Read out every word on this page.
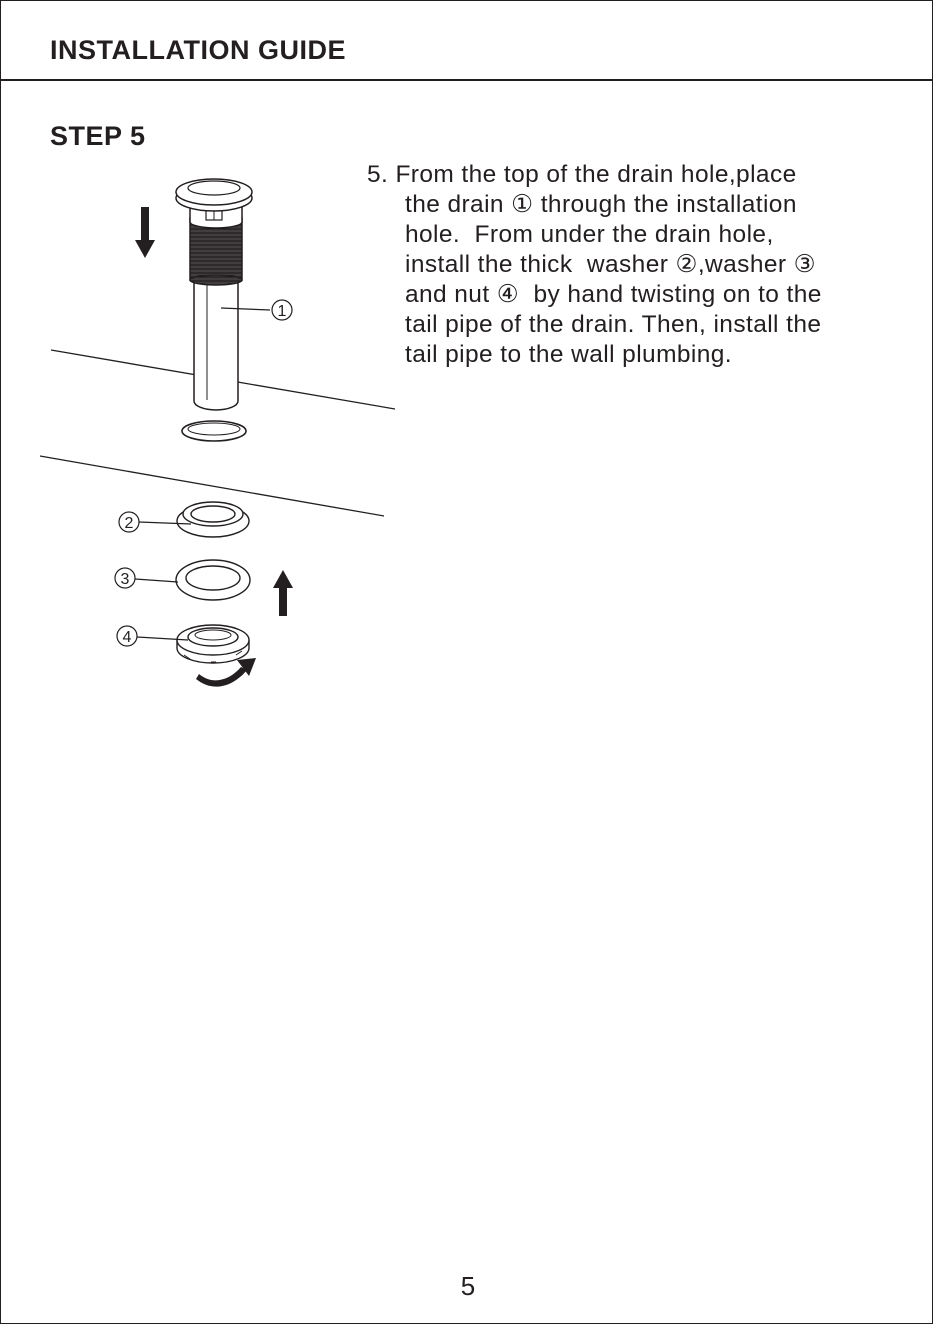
INSTALLATION GUIDE
STEP 5
1
2
3
4

5. From the top of the drain hole,place
the drain ① through the installation
hole.  From under the drain hole,
install the thick  washer ②,washer ③
and nut ④  by hand twisting on to the
tail pipe of the drain. Then, install the
tail pipe to the wall plumbing.

5
